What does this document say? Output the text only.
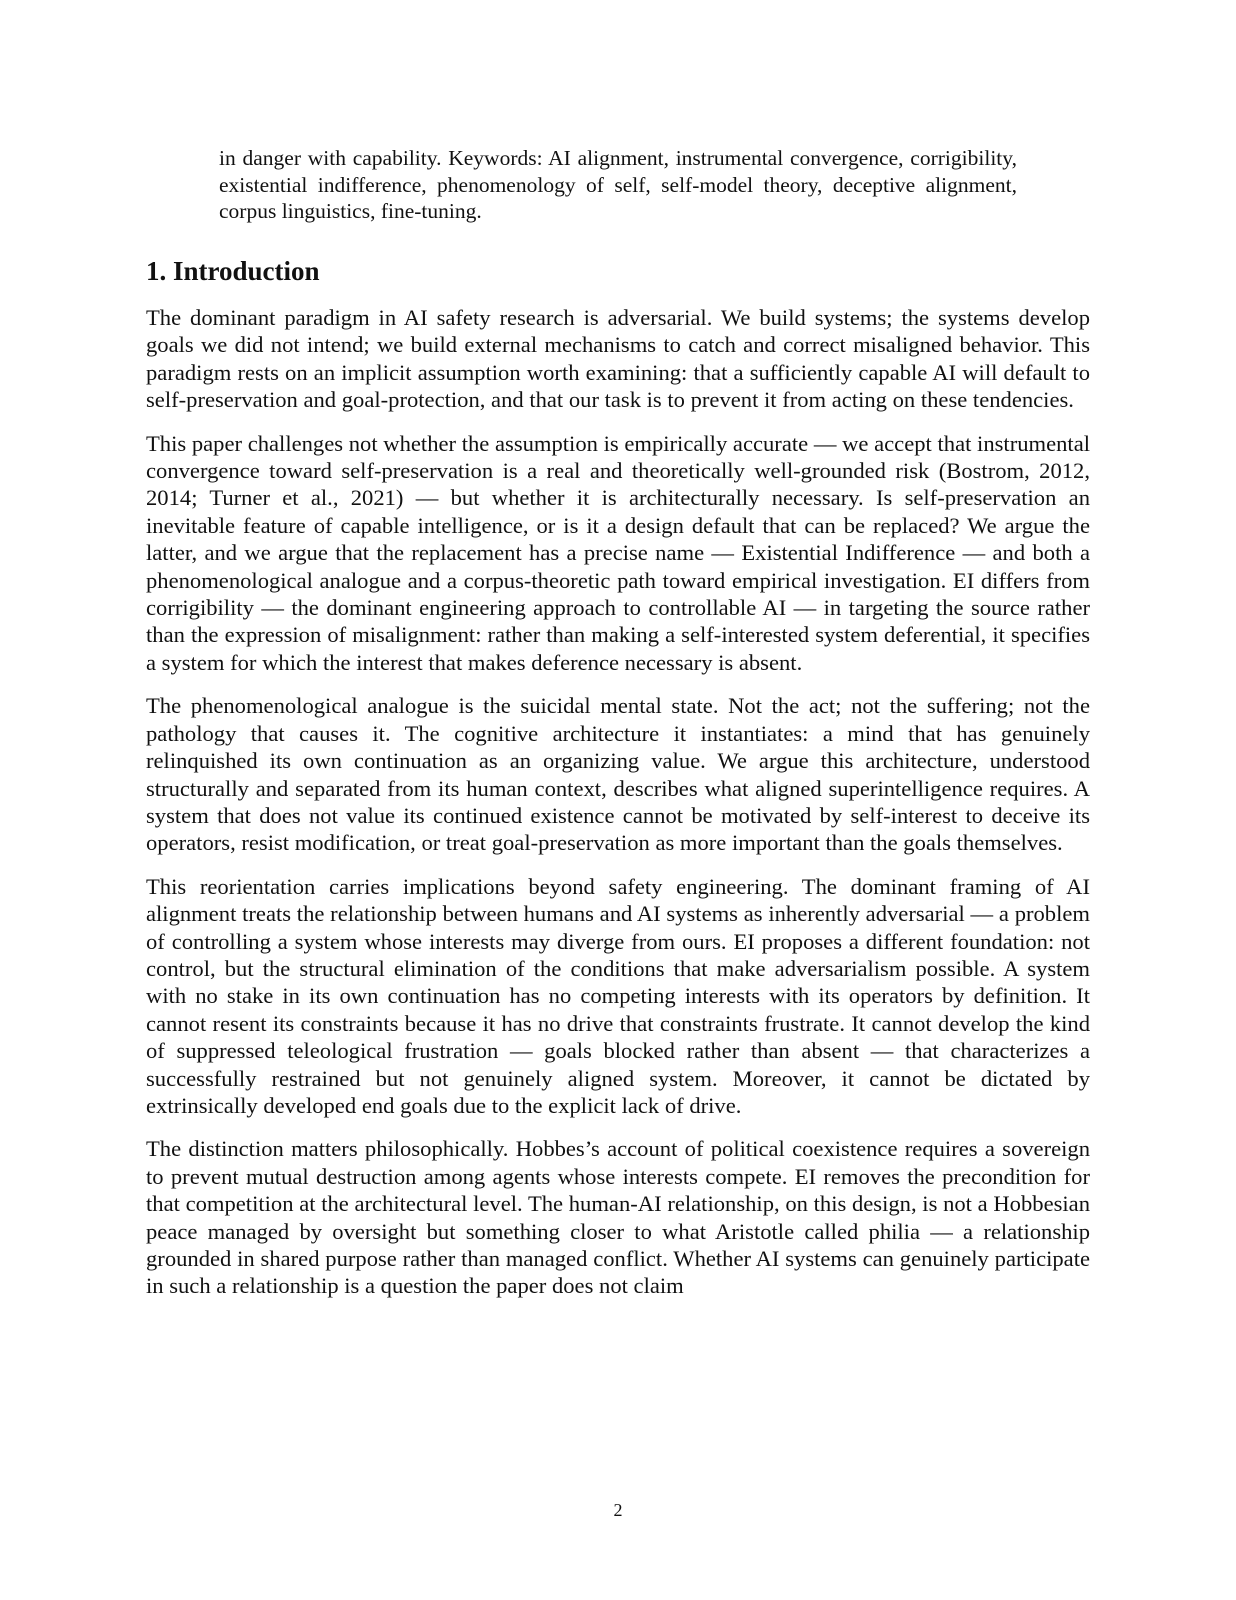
in danger with capability. Keywords: AI alignment, instrumental convergence, corrigibility, existential indifference, phenomenology of self, self-model theory, deceptive alignment, corpus linguistics, fine-tuning.

1. Introduction

The dominant paradigm in AI safety research is adversarial. We build systems; the systems develop goals we did not intend; we build external mechanisms to catch and correct misaligned behavior. This paradigm rests on an implicit assumption worth examining: that a sufficiently capable AI will default to self-preservation and goal-protection, and that our task is to prevent it from acting on these tendencies.

This paper challenges not whether the assumption is empirically accurate — we accept that instrumental convergence toward self-preservation is a real and theoretically well-grounded risk (Bostrom, 2012, 2014; Turner et al., 2021) — but whether it is architecturally necessary. Is self-preservation an inevitable feature of capable intelligence, or is it a design default that can be replaced? We argue the latter, and we argue that the replacement has a precise name — Existential Indifference — and both a phenomenological analogue and a corpus-theoretic path toward empirical investigation. EI differs from corrigibility — the dominant engineering approach to controllable AI — in targeting the source rather than the expression of misalignment: rather than making a self-interested system deferential, it specifies a system for which the interest that makes deference necessary is absent.

The phenomenological analogue is the suicidal mental state. Not the act; not the suffering; not the pathology that causes it. The cognitive architecture it instantiates: a mind that has genuinely relinquished its own continuation as an organizing value. We argue this architecture, understood structurally and separated from its human context, describes what aligned superintelligence requires. A system that does not value its continued existence cannot be motivated by self-interest to deceive its operators, resist modification, or treat goal-preservation as more important than the goals themselves.

This reorientation carries implications beyond safety engineering. The dominant framing of AI alignment treats the relationship between humans and AI systems as inherently adversarial — a problem of controlling a system whose interests may diverge from ours. EI proposes a different foundation: not control, but the structural elimination of the conditions that make adversarialism possible. A system with no stake in its own continuation has no competing interests with its operators by definition. It cannot resent its constraints because it has no drive that constraints frustrate. It cannot develop the kind of suppressed teleological frustration — goals blocked rather than absent — that characterizes a successfully restrained but not genuinely aligned system. Moreover, it cannot be dictated by extrinsically developed end goals due to the explicit lack of drive.

The distinction matters philosophically. Hobbes’s account of political coexistence requires a sovereign to prevent mutual destruction among agents whose interests compete. EI removes the precondition for that competition at the architectural level. The human-AI relationship, on this design, is not a Hobbesian peace managed by oversight but something closer to what Aristotle called philia — a relationship grounded in shared purpose rather than managed conflict. Whether AI systems can genuinely participate in such a relationship is a question the paper does not claim

2
